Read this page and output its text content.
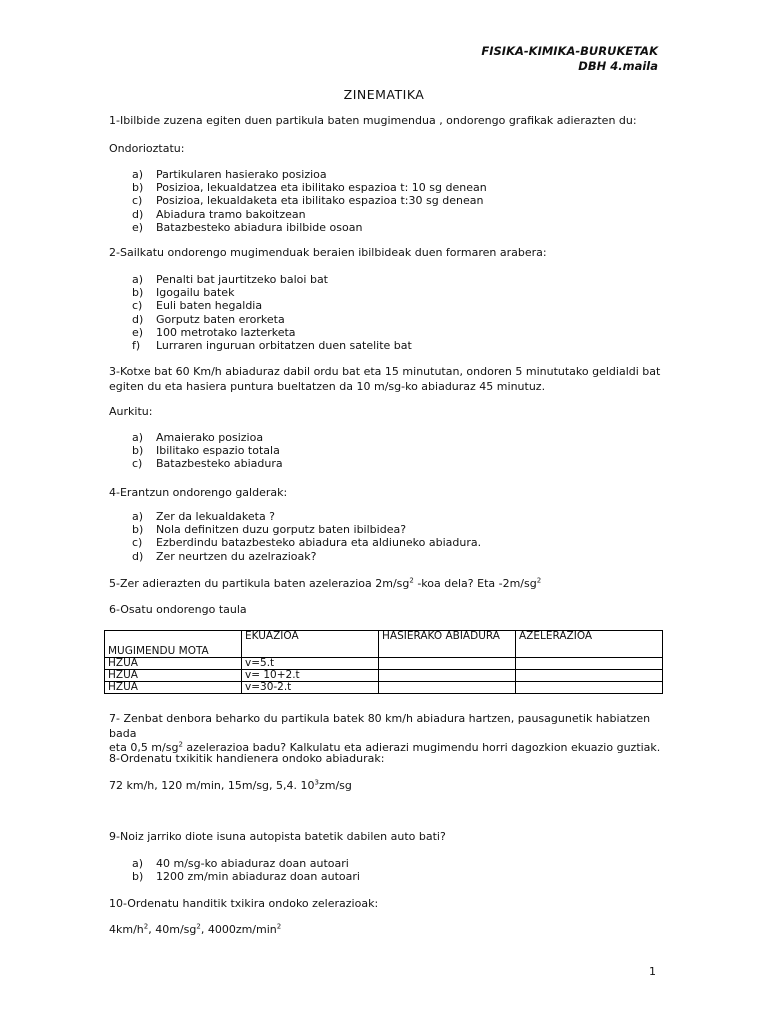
FISIKA-KIMIKA-BURUKETAK
DBH 4.maila
ZINEMATIKA
1-Ibilbide zuzena egiten duen partikula baten mugimendua , ondorengo grafikak adierazten du:
Ondorioztatu:
a) Partikularen hasierako posizioa
b) Posizioa, lekualdatzea eta ibilitako espazioa t: 10 sg denean
c) Posizioa, lekualdaketa eta ibilitako espazioa t:30 sg denean
d) Abiadura tramo bakoitzean
e) Batazbesteko abiadura ibilbide osoan
2-Sailkatu ondorengo mugimenduak beraien ibilbideak duen formaren arabera:
a) Penalti bat jaurtitzeko baloi bat
b) Igogailu batek
c) Euli baten hegaldia
d) Gorputz baten erorketa
e) 100 metrotako lazterketa
f) Lurraren inguruan orbitatzen duen satelite bat
3-Kotxe bat 60 Km/h abiaduraz dabil ordu bat eta 15 minututan, ondoren 5 minututako geldialdi bat
egiten du eta hasiera puntura bueltatzen da 10 m/sg-ko abiaduraz 45 minutuz.
Aurkitu:
a) Amaierako posizioa
b) Ibilitako espazio totala
c) Batazbesteko abiadura
4-Erantzun ondorengo galderak:
a) Zer da lekualdaketa ?
b) Nola definitzen duzu gorputz baten ibilbidea?
c) Ezberdindu batazbesteko abiadura eta aldiuneko abiadura.
d) Zer neurtzen du azelrazioak?
5-Zer adierazten du partikula baten azelerazioa $2m/sg^2$ -koa dela? Eta $-2m/sg^2$
6-Osatu ondorengo taula
MUGIMENDU MOTA	EKUAZIOA	HASIERAKO ABIADURA	AZELERAZIOA
HZUA	v=5.t		
HZUA	v= 10+2.t		
HZUA	v=30-2.t		
7- Zenbat denbora beharko du partikula batek 80 km/h abiadura hartzen, pausagunetik habiatzen bada
eta 0,5 $m/sg^2$ azelerazioa badu? Kalkulatu eta adierazi mugimendu horri dagozkion ekuazio guztiak.
8-Ordenatu txikitik handienera ondoko abiadurak:
72 km/h, 120 m/min, 15m/sg, 5,4. $10^3zm/sg$
9-Noiz jarriko diote isuna autopista batetik dabilen auto bati?
a) 40 m/sg-ko abiaduraz doan autoari
b) 1200 zm/min abiaduraz doan autoari
10-Ordenatu handitik txikira ondoko zelerazioak:
$4km/h^2$, $40m/sg^2$, $4000zm/\min^2$
1
